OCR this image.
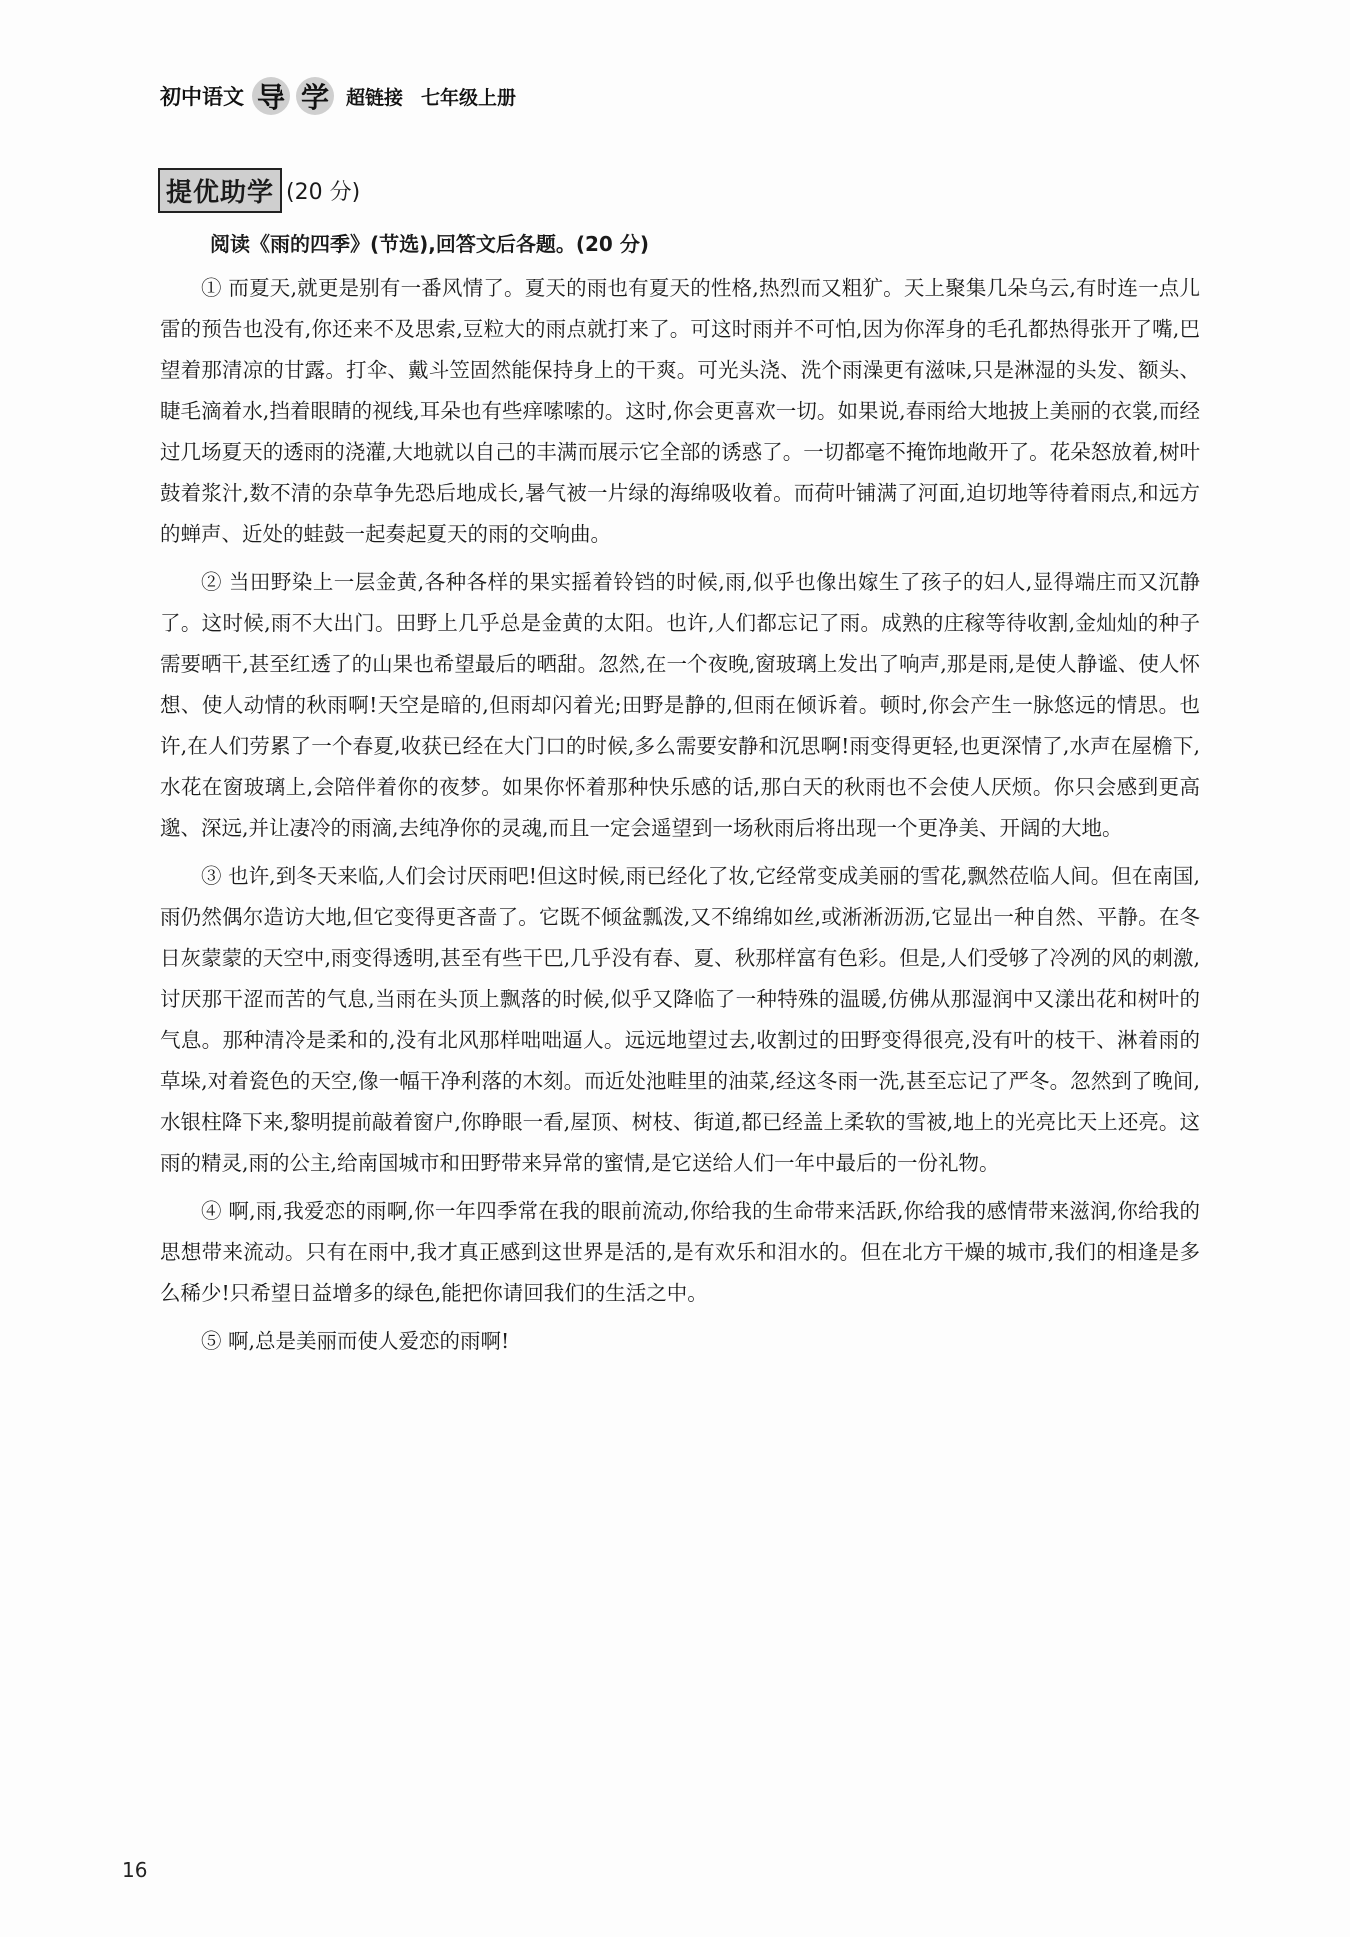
初中语文 导 学 超链接 七年级上册
提优助学 (20 分)
阅读《雨的四季》(节选),回答文后各题。(20 分)

① 而夏天,就更是别有一番风情了。夏天的雨也有夏天的性格,热烈而又粗犷。天上聚集几朵乌云,有时连一点儿雷的预告也没有,你还来不及思索,豆粒大的雨点就打来了。可这时雨并不可怕,因为你浑身的毛孔都热得张开了嘴,巴望着那清凉的甘露。打伞、戴斗笠固然能保持身上的干爽。可光头浇、洗个雨澡更有滋味,只是淋湿的头发、额头、睫毛滴着水,挡着眼睛的视线,耳朵也有些痒嗦嗦的。这时,你会更喜欢一切。如果说,春雨给大地披上美丽的衣裳,而经过几场夏天的透雨的浇灌,大地就以自己的丰满而展示它全部的诱惑了。一切都毫不掩饰地敞开了。花朵怒放着,树叶鼓着浆汁,数不清的杂草争先恐后地成长,暑气被一片绿的海绵吸收着。而荷叶铺满了河面,迫切地等待着雨点,和远方的蝉声、近处的蛙鼓一起奏起夏天的雨的交响曲。

② 当田野染上一层金黄,各种各样的果实摇着铃铛的时候,雨,似乎也像出嫁生了孩子的妇人,显得端庄而又沉静了。这时候,雨不大出门。田野上几乎总是金黄的太阳。也许,人们都忘记了雨。成熟的庄稼等待收割,金灿灿的种子需要晒干,甚至红透了的山果也希望最后的晒甜。忽然,在一个夜晚,窗玻璃上发出了响声,那是雨,是使人静谧、使人怀想、使人动情的秋雨啊!天空是暗的,但雨却闪着光;田野是静的,但雨在倾诉着。顿时,你会产生一脉悠远的情思。也许,在人们劳累了一个春夏,收获已经在大门口的时候,多么需要安静和沉思啊!雨变得更轻,也更深情了,水声在屋檐下,水花在窗玻璃上,会陪伴着你的夜梦。如果你怀着那种快乐感的话,那白天的秋雨也不会使人厌烦。你只会感到更高邈、深远,并让凄冷的雨滴,去纯净你的灵魂,而且一定会遥望到一场秋雨后将出现一个更净美、开阔的大地。

③ 也许,到冬天来临,人们会讨厌雨吧!但这时候,雨已经化了妆,它经常变成美丽的雪花,飘然莅临人间。但在南国,雨仍然偶尔造访大地,但它变得更吝啬了。它既不倾盆瓢泼,又不绵绵如丝,或淅淅沥沥,它显出一种自然、平静。在冬日灰蒙蒙的天空中,雨变得透明,甚至有些干巴,几乎没有春、夏、秋那样富有色彩。但是,人们受够了冷冽的风的刺激,讨厌那干涩而苦的气息,当雨在头顶上飘落的时候,似乎又降临了一种特殊的温暖,仿佛从那湿润中又漾出花和树叶的气息。那种清冷是柔和的,没有北风那样咄咄逼人。远远地望过去,收割过的田野变得很亮,没有叶的枝干、淋着雨的草垛,对着瓷色的天空,像一幅干净利落的木刻。而近处池畦里的油菜,经这冬雨一洗,甚至忘记了严冬。忽然到了晚间,水银柱降下来,黎明提前敲着窗户,你睁眼一看,屋顶、树枝、街道,都已经盖上柔软的雪被,地上的光亮比天上还亮。这雨的精灵,雨的公主,给南国城市和田野带来异常的蜜情,是它送给人们一年中最后的一份礼物。

④ 啊,雨,我爱恋的雨啊,你一年四季常在我的眼前流动,你给我的生命带来活跃,你给我的感情带来滋润,你给我的思想带来流动。只有在雨中,我才真正感到这世界是活的,是有欢乐和泪水的。但在北方干燥的城市,我们的相逢是多么稀少!只希望日益增多的绿色,能把你请回我们的生活之中。

⑤ 啊,总是美丽而使人爱恋的雨啊!

16
